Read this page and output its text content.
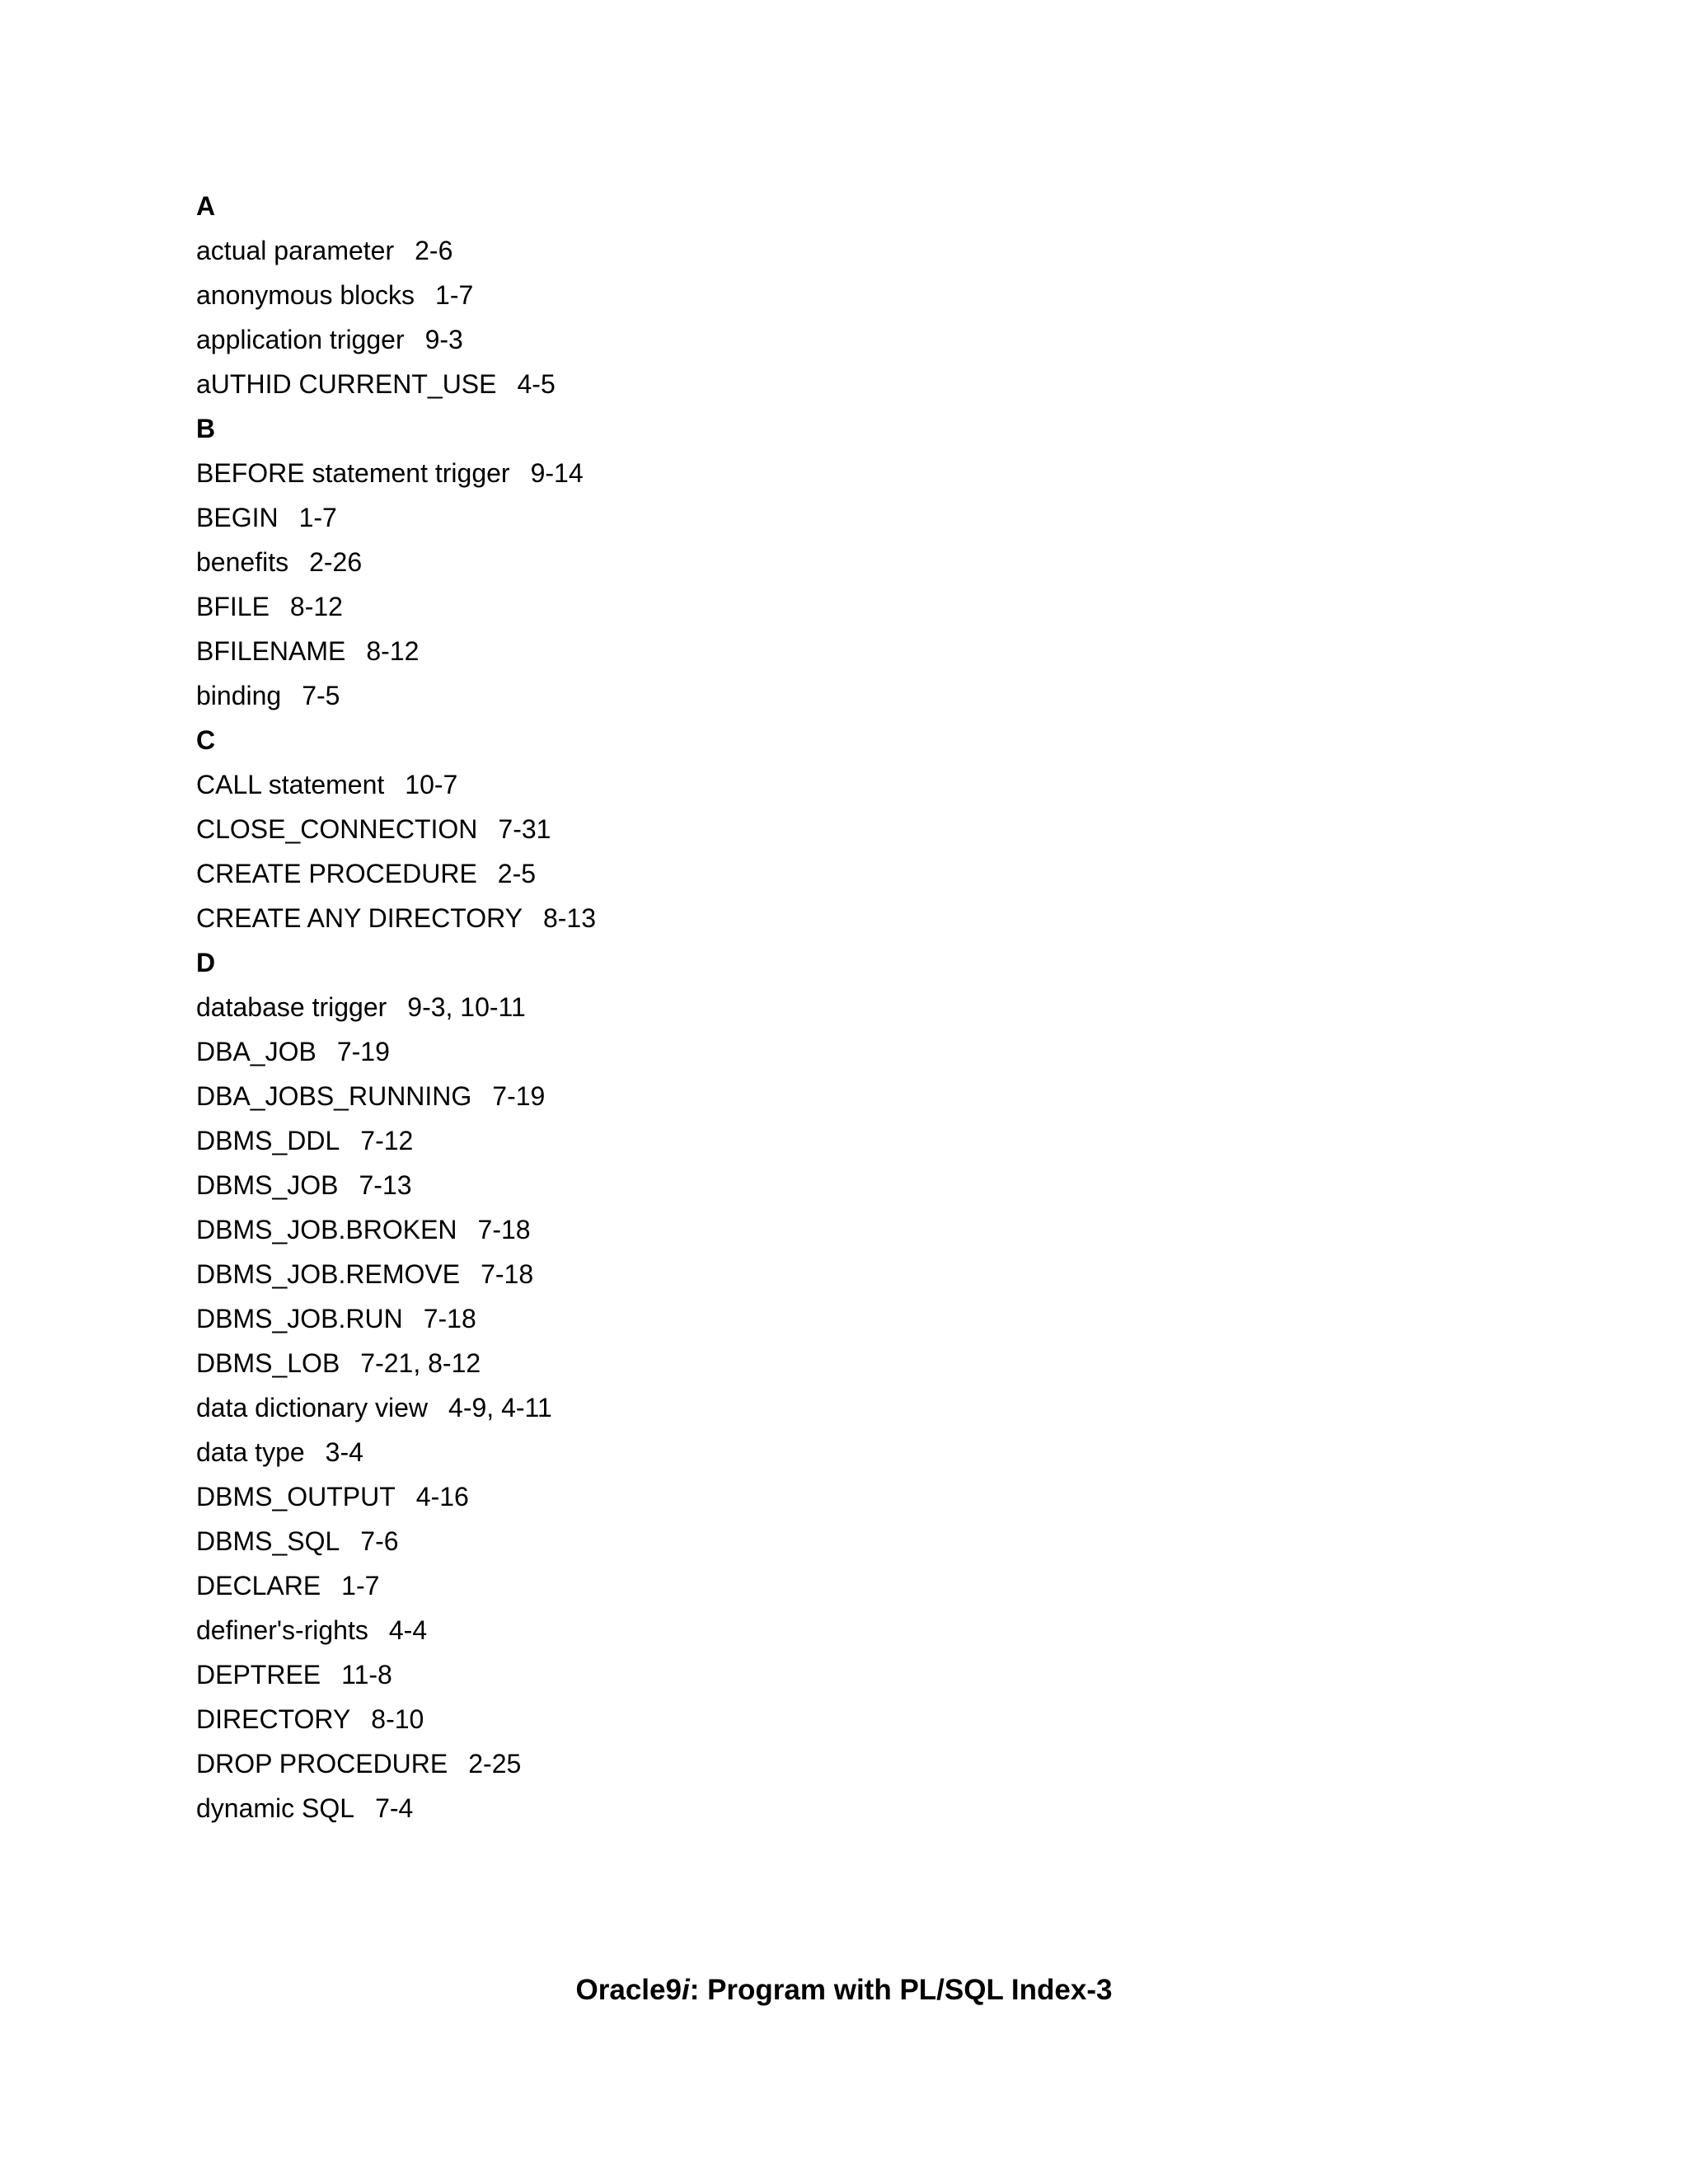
A
actual parameter 2-6
anonymous blocks 1-7
application trigger 9-3
aUTHID CURRENT_USE 4-5
B
BEFORE statement trigger 9-14
BEGIN 1-7
benefits 2-26
BFILE 8-12
BFILENAME 8-12
binding 7-5
C
CALL statement 10-7
CLOSE_CONNECTION 7-31
CREATE PROCEDURE 2-5
CREATE ANY DIRECTORY 8-13
D
database trigger 9-3, 10-11
DBA_JOB 7-19
DBA_JOBS_RUNNING 7-19
DBMS_DDL 7-12
DBMS_JOB 7-13
DBMS_JOB.BROKEN 7-18
DBMS_JOB.REMOVE 7-18
DBMS_JOB.RUN 7-18
DBMS_LOB 7-21, 8-12
data dictionary view 4-9, 4-11
data type 3-4
DBMS_OUTPUT 4-16
DBMS_SQL 7-6
DECLARE 1-7
definer's-rights 4-4
DEPTREE 11-8
DIRECTORY 8-10
DROP PROCEDURE 2-25
dynamic SQL 7-4
Oracle9i: Program with PL/SQL Index-3
